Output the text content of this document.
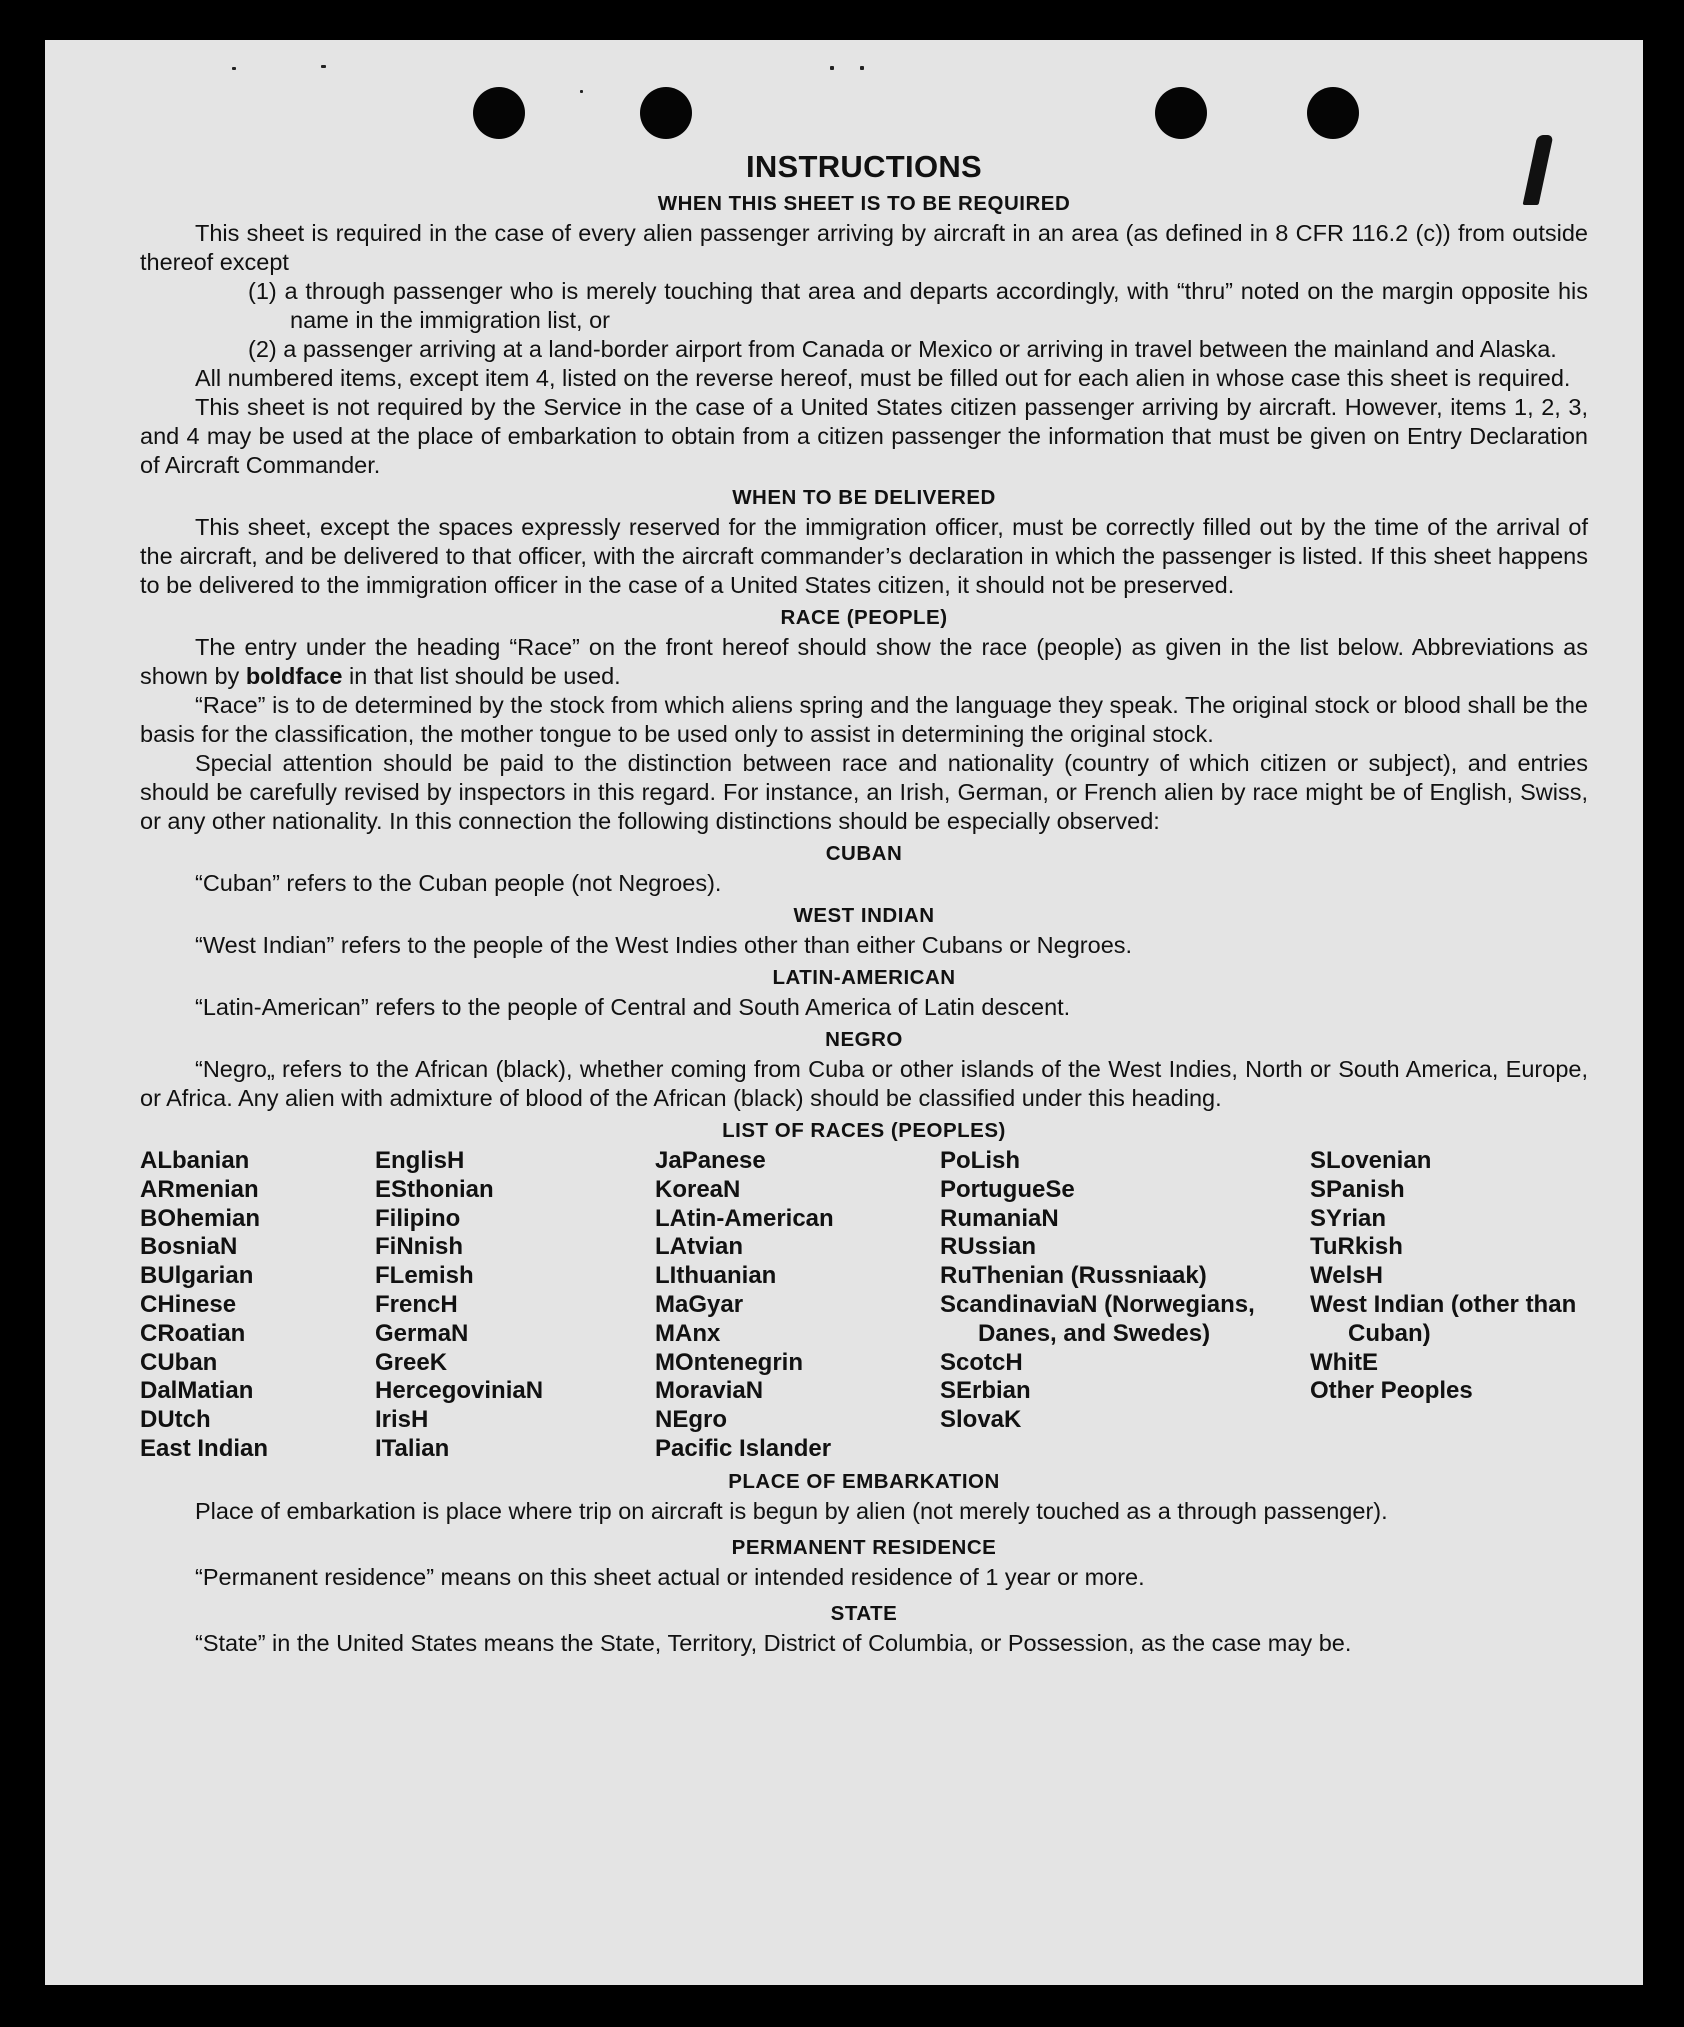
INSTRUCTIONS
WHEN THIS SHEET IS TO BE REQUIRED

This sheet is required in the case of every alien passenger arriving by aircraft in an area (as defined in 8 CFR 116.2 (c)) from outside thereof except

(1) a through passenger who is merely touching that area and departs accordingly, with “thru” noted on the margin opposite his name in the immigration list, or

(2) a passenger arriving at a land-border airport from Canada or Mexico or arriving in travel between the mainland and Alaska.

All numbered items, except item 4, listed on the reverse hereof, must be filled out for each alien in whose case this sheet is required.

This sheet is not required by the Service in the case of a United States citizen passenger arriving by aircraft. However, items 1, 2, 3, and 4 may be used at the place of embarkation to obtain from a citizen passenger the information that must be given on Entry Declaration of Aircraft Commander.

WHEN TO BE DELIVERED

This sheet, except the spaces expressly reserved for the immigration officer, must be correctly filled out by the time of the arrival of the aircraft, and be delivered to that officer, with the aircraft commander’s declaration in which the passenger is listed. If this sheet happens to be delivered to the immigration officer in the case of a United States citizen, it should not be preserved.

RACE (PEOPLE)

The entry under the heading “Race” on the front hereof should show the race (people) as given in the list below. Abbreviations as shown by boldface in that list should be used.

“Race” is to de determined by the stock from which aliens spring and the language they speak. The original stock or blood shall be the basis for the classification, the mother tongue to be used only to assist in determining the original stock.

Special attention should be paid to the distinction between race and nationality (country of which citizen or subject), and entries should be carefully revised by inspectors in this regard. For instance, an Irish, German, or French alien by race might be of English, Swiss, or any other nationality. In this connection the following distinctions should be especially observed:

CUBAN

“Cuban” refers to the Cuban people (not Negroes).

WEST INDIAN

“West Indian” refers to the people of the West Indies other than either Cubans or Negroes.

LATIN-AMERICAN

“Latin-American” refers to the people of Central and South America of Latin descent.

NEGRO

“Negro„ refers to the African (black), whether coming from Cuba or other islands of the West Indies, North or South America, Europe, or Africa. Any alien with admixture of blood of the African (black) should be classified under this heading.

LIST OF RACES (PEOPLES)
ALbanian
ARmenian
BOhemian
BosniaN
BUlgarian
CHinese
CRoatian
CUban
DalMatian
DUtch
East Indian
EnglisH
ESthonian
Filipino
FiNnish
FLemish
FrencH
GermaN
GreeK
HercegoviniaN
IrisH
ITalian
JaPanese
KoreaN
LAtin-American
LAtvian
LIthuanian
MaGyar
MAnx
MOntenegrin
MoraviaN
NEgro
Pacific Islander
PoLish
PortugueSe
RumaniaN
RUssian
RuThenian (Russniaak)
ScandinaviaN (Norwegians, Danes, and Swedes)
ScotcH
SErbian
SlovaK
SLovenian
SPanish
SYrian
TuRkish
WelsH
West Indian (other than Cuban)
WhitE
Other Peoples
PLACE OF EMBARKATION

Place of embarkation is place where trip on aircraft is begun by alien (not merely touched as a through passenger).

PERMANENT RESIDENCE

“Permanent residence” means on this sheet actual or intended residence of 1 year or more.

STATE

“State” in the United States means the State, Territory, District of Columbia, or Possession, as the case may be.
